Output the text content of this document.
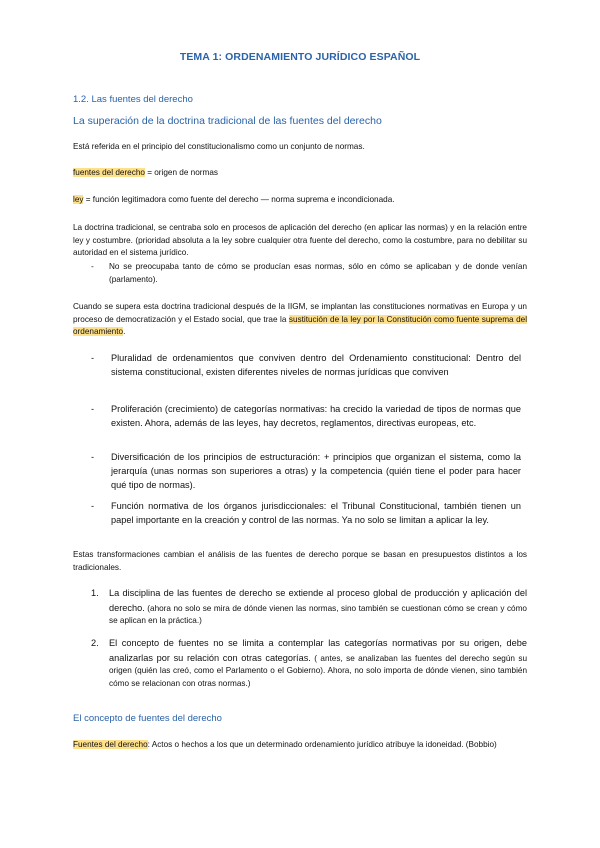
TEMA 1: ORDENAMIENTO JURÍDICO ESPAÑOL
1.2. Las fuentes del derecho
La superación de la doctrina tradicional de las fuentes del derecho
Está referida en el principio del constitucionalismo como un conjunto de normas.
fuentes del derecho = origen de normas
ley = función legitimadora como fuente del derecho — norma suprema e incondicionada.
La doctrina tradicional, se centraba solo en procesos de aplicación del derecho (en aplicar las normas) y en la relación entre ley y costumbre. (prioridad absoluta a la ley sobre cualquier otra fuente del derecho, como la costumbre, para no debilitar su autoridad en el sistema jurídico.
- No se preocupaba tanto de cómo se producían esas normas, sólo en cómo se aplicaban y de donde venían (parlamento).
Cuando se supera esta doctrina tradicional después de la IIGM, se implantan las constituciones normativas en Europa y un proceso de democratización y el Estado social, que trae la sustitución de la ley por la Constitución como fuente suprema del ordenamiento.
- Pluralidad de ordenamientos que conviven dentro del Ordenamiento constitucional: Dentro del sistema constitucional, existen diferentes niveles de normas jurídicas que conviven
- Proliferación (crecimiento) de categorías normativas: ha crecido la variedad de tipos de normas que existen. Ahora, además de las leyes, hay decretos, reglamentos, directivas europeas, etc.
- Diversificación de los principios de estructuración: + principios que organizan el sistema, como la jerarquía (unas normas son superiores a otras) y la competencia (quién tiene el poder para hacer qué tipo de normas).
- Función normativa de los órganos jurisdiccionales: el Tribunal Constitucional, también tienen un papel importante en la creación y control de las normas. Ya no solo se limitan a aplicar la ley.
Estas transformaciones cambian el análisis de las fuentes de derecho porque se basan en presupuestos distintos a los tradicionales.
1. La disciplina de las fuentes de derecho se extiende al proceso global de producción y aplicación del derecho. (ahora no solo se mira de dónde vienen las normas, sino también se cuestionan cómo se crean y cómo se aplican en la práctica.)
2. El concepto de fuentes no se limita a contemplar las categorías normativas por su origen, debe analizarlas por su relación con otras categorías. ( antes, se analizaban las fuentes del derecho según su origen (quién las creó, como el Parlamento o el Gobierno). Ahora, no solo importa de dónde vienen, sino también cómo se relacionan con otras normas.)
El concepto de fuentes del derecho
Fuentes del derecho: Actos o hechos a los que un determinado ordenamiento jurídico atribuye la idoneidad. (Bobbio)
